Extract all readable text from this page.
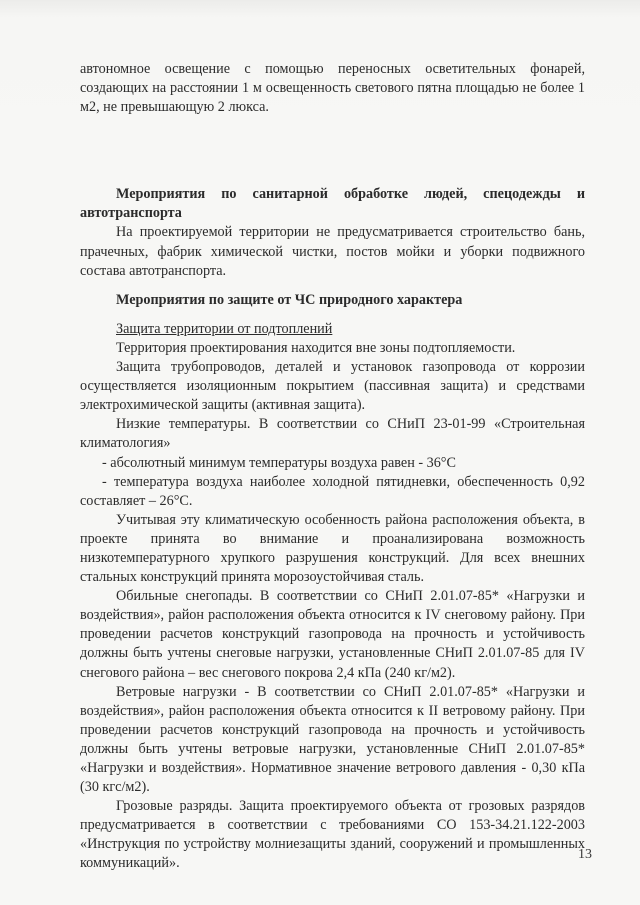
автономное освещение с помощью переносных осветительных фонарей, создающих на расстоянии 1 м освещенность светового пятна площадью не более 1 м2, не превышающую 2 люкса.

Мероприятия по санитарной обработке людей, спецодежды и автотранспорта

На проектируемой территории не предусматривается строительство бань, прачечных, фабрик химической чистки, постов мойки и уборки подвижного состава автотранспорта.

Мероприятия по защите от ЧС природного характера

Защита территории от подтоплений

Территория проектирования находится вне зоны подтопляемости.

Защита трубопроводов, деталей и установок газопровода от коррозии осуществляется изоляционным покрытием (пассивная защита) и средствами электрохимической защиты (активная защита).

Низкие температуры. В соответствии со СНиП 23-01-99 «Строительная климатология»

- абсолютный минимум температуры воздуха равен - 36°С

- температура воздуха наиболее холодной пятидневки, обеспеченность 0,92 составляет – 26°С.

Учитывая эту климатическую особенность района расположения объекта, в проекте принята во внимание и проанализирована возможность низкотемпературного хрупкого разрушения конструкций. Для всех внешних стальных конструкций принята морозоустойчивая сталь.

Обильные снегопады. В соответствии со СНиП 2.01.07-85* «Нагрузки и воздействия», район расположения объекта относится к IV снеговому району. При проведении расчетов конструкций газопровода на прочность и устойчивость должны быть учтены снеговые нагрузки, установленные СНиП 2.01.07-85 для IV снегового района – вес снегового покрова 2,4 кПа (240 кг/м2).

Ветровые нагрузки - В соответствии со СНиП 2.01.07-85* «Нагрузки и воздействия», район расположения объекта относится к II ветровому району. При проведении расчетов конструкций газопровода на прочность и устойчивость должны быть учтены ветровые нагрузки, установленные СНиП 2.01.07-85* «Нагрузки и воздействия». Нормативное значение ветрового давления - 0,30 кПа (30 кгс/м2).

Грозовые разряды. Защита проектируемого объекта от грозовых разрядов предусматривается в соответствии с требованиями СО 153-34.21.122-2003 «Инструкция по устройству молниезащиты зданий, сооружений и промышленных коммуникаций».

13
